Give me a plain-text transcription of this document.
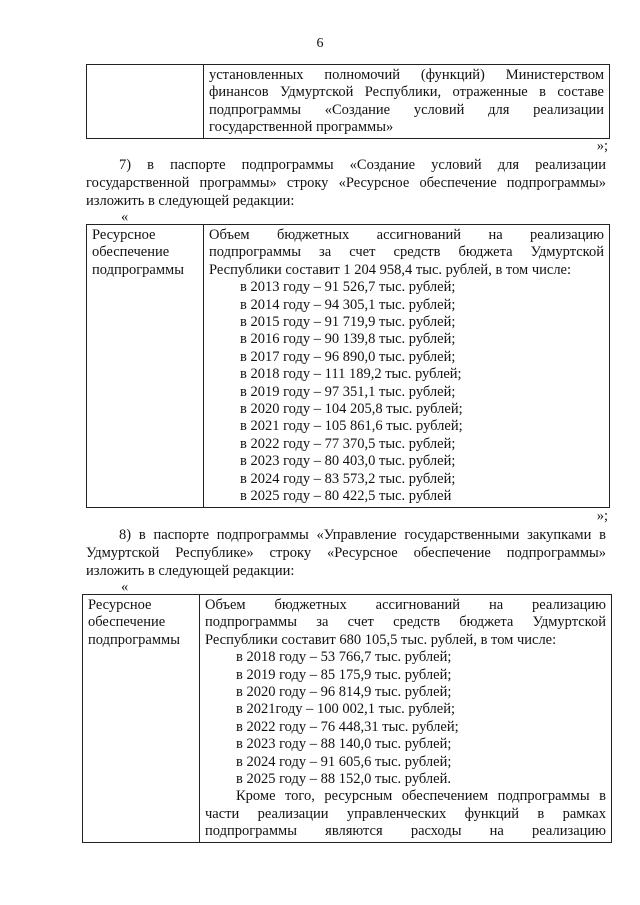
6

установленных полномочий (функций) Министерством
финансов Удмуртской Республики, отраженные в составе
подпрограммы «Создание условий для реализации
государственной программы»
»;
7) в паспорте подпрограммы «Создание условий для реализации
государственной программы» строку «Ресурсное обеспечение подпрограммы»
изложить в следующей редакции:
«
Ресурсное
обеспечение
подпрограммы

Объем бюджетных ассигнований на реализацию
подпрограммы за счет средств бюджета Удмуртской
Республики составит 1 204 958,4 тыс. рублей, в том числе:
в 2013 году – 91 526,7 тыс. рублей;
в 2014 году – 94 305,1 тыс. рублей;
в 2015 году – 91 719,9 тыс. рублей;
в 2016 году – 90 139,8 тыс. рублей;
в 2017 году – 96 890,0 тыс. рублей;
в 2018 году – 111 189,2 тыс. рублей;
в 2019 году – 97 351,1 тыс. рублей;
в 2020 году – 104 205,8 тыс. рублей;
в 2021 году – 105 861,6 тыс. рублей;
в 2022 году – 77 370,5 тыс. рублей;
в 2023 году – 80 403,0 тыс. рублей;
в 2024 году – 83 573,2 тыс. рублей;
в 2025 году – 80 422,5 тыс. рублей
»;
8) в паспорте подпрограммы «Управление государственными закупками в
Удмуртской Республике» строку «Ресурсное обеспечение подпрограммы»
изложить в следующей редакции:
«
Ресурсное
обеспечение
подпрограммы

Объем бюджетных ассигнований на реализацию
подпрограммы за счет средств бюджета Удмуртской
Республики составит 680 105,5 тыс. рублей, в том числе:
в 2018 году – 53 766,7 тыс. рублей;
в 2019 году – 85 175,9 тыс. рублей;
в 2020 году – 96 814,9 тыс. рублей;
в 2021году – 100 002,1 тыс. рублей;
в 2022 году – 76 448,31 тыс. рублей;
в 2023 году – 88 140,0 тыс. рублей;
в 2024 году – 91 605,6 тыс. рублей;
в 2025 году – 88 152,0 тыс. рублей.
Кроме того, ресурсным обеспечением подпрограммы в
части реализации управленческих функций в рамках
подпрограммы являются расходы на реализацию
